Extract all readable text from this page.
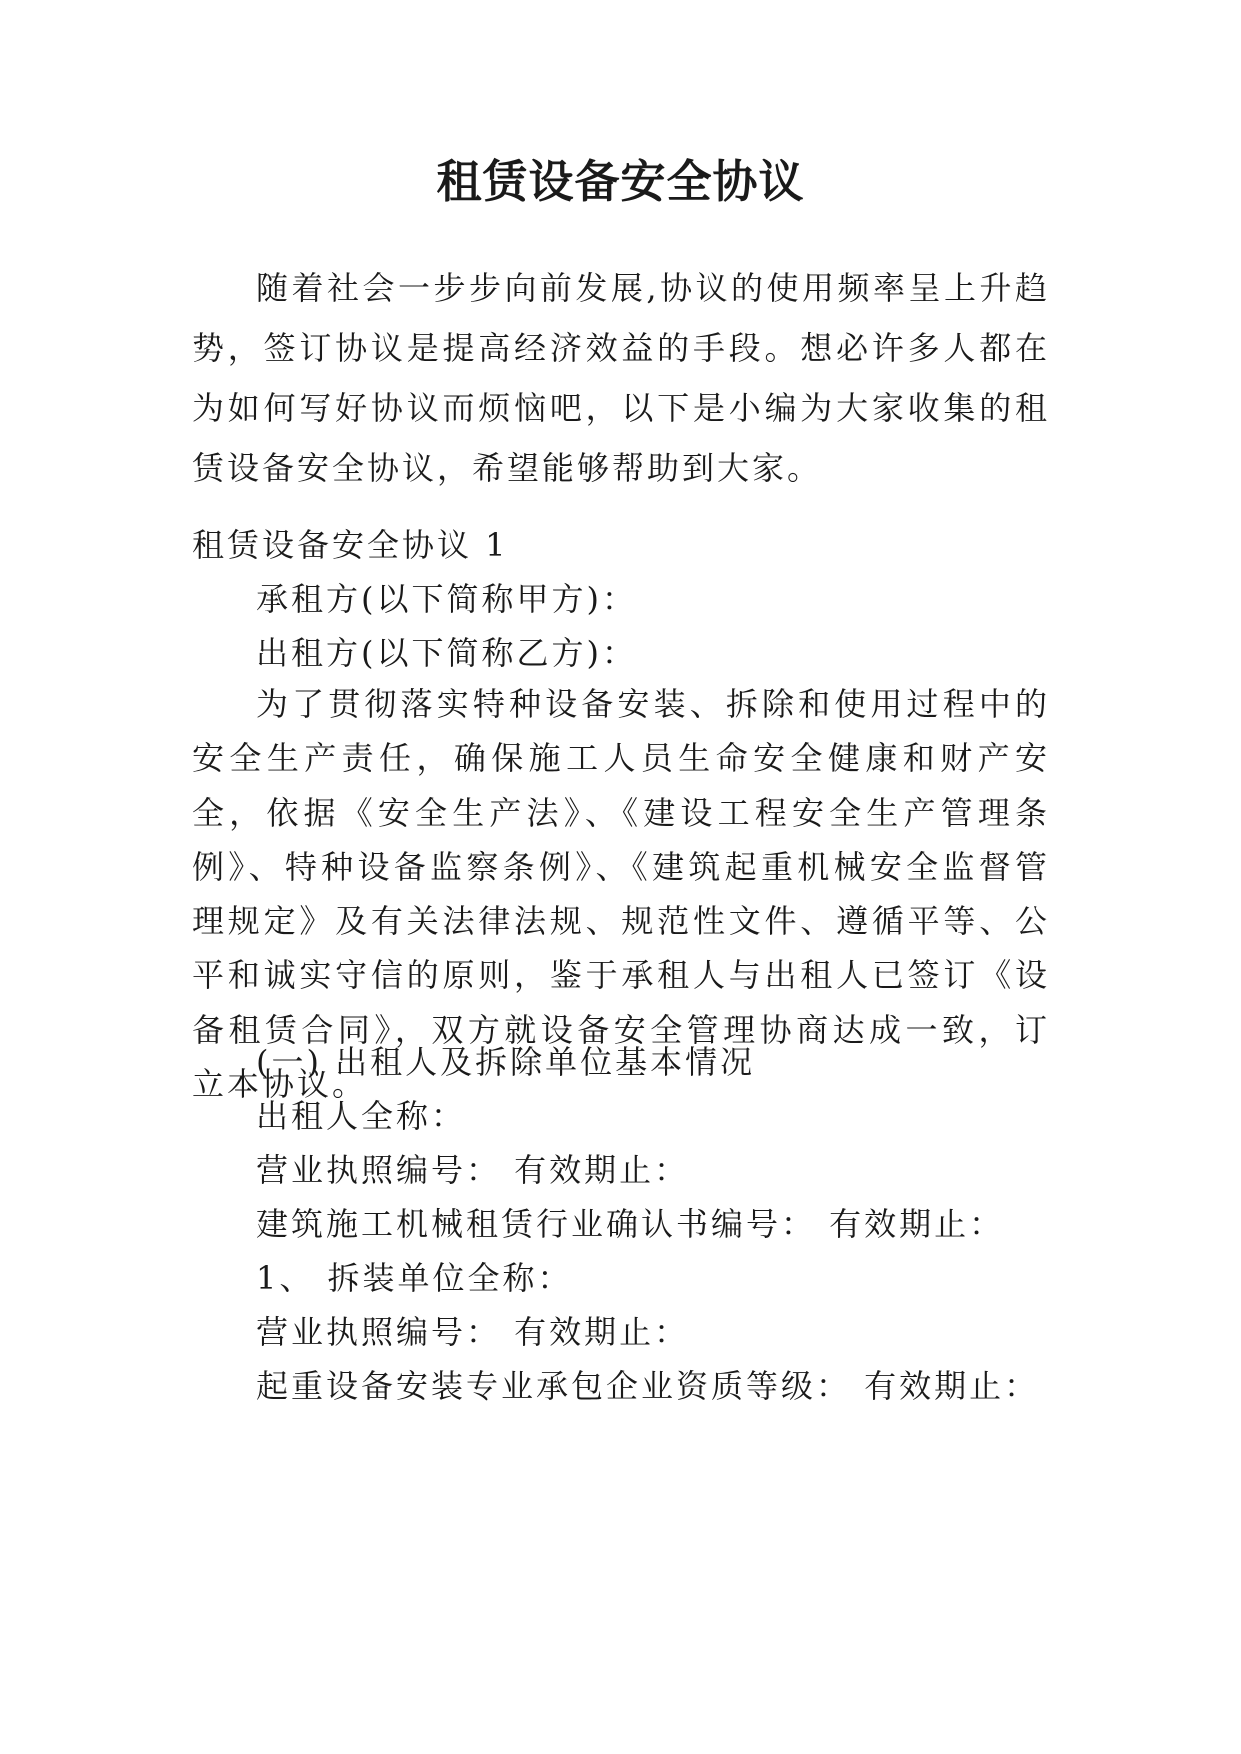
租赁设备安全协议

随着社会一步步向前发展,协议的使用频率呈上升趋势，签订协议是提高经济效益的手段。想必许多人都在为如何写好协议而烦恼吧，以下是小编为大家收集的租赁设备安全协议，希望能够帮助到大家。

租赁设备安全协议 1
承租方(以下简称甲方)：
出租方(以下简称乙方)：

为了贯彻落实特种设备安装、拆除和使用过程中的安全生产责任，确保施工人员生命安全健康和财产安全，依据《安全生产法》、《建设工程安全生产管理条例》、特种设备监察条例》、《建筑起重机械安全监督管理规定》及有关法律法规、规范性文件、遵循平等、公平和诚实守信的原则，鉴于承租人与出租人已签订《设备租赁合同》，双方就设备安全管理协商达成一致，订立本协议。

(一) 出租人及拆除单位基本情况
出租人全称：
营业执照编号： 有效期止：
建筑施工机械租赁行业确认书编号： 有效期止：
1、 拆装单位全称：
营业执照编号： 有效期止：
起重设备安装专业承包企业资质等级： 有效期止：
